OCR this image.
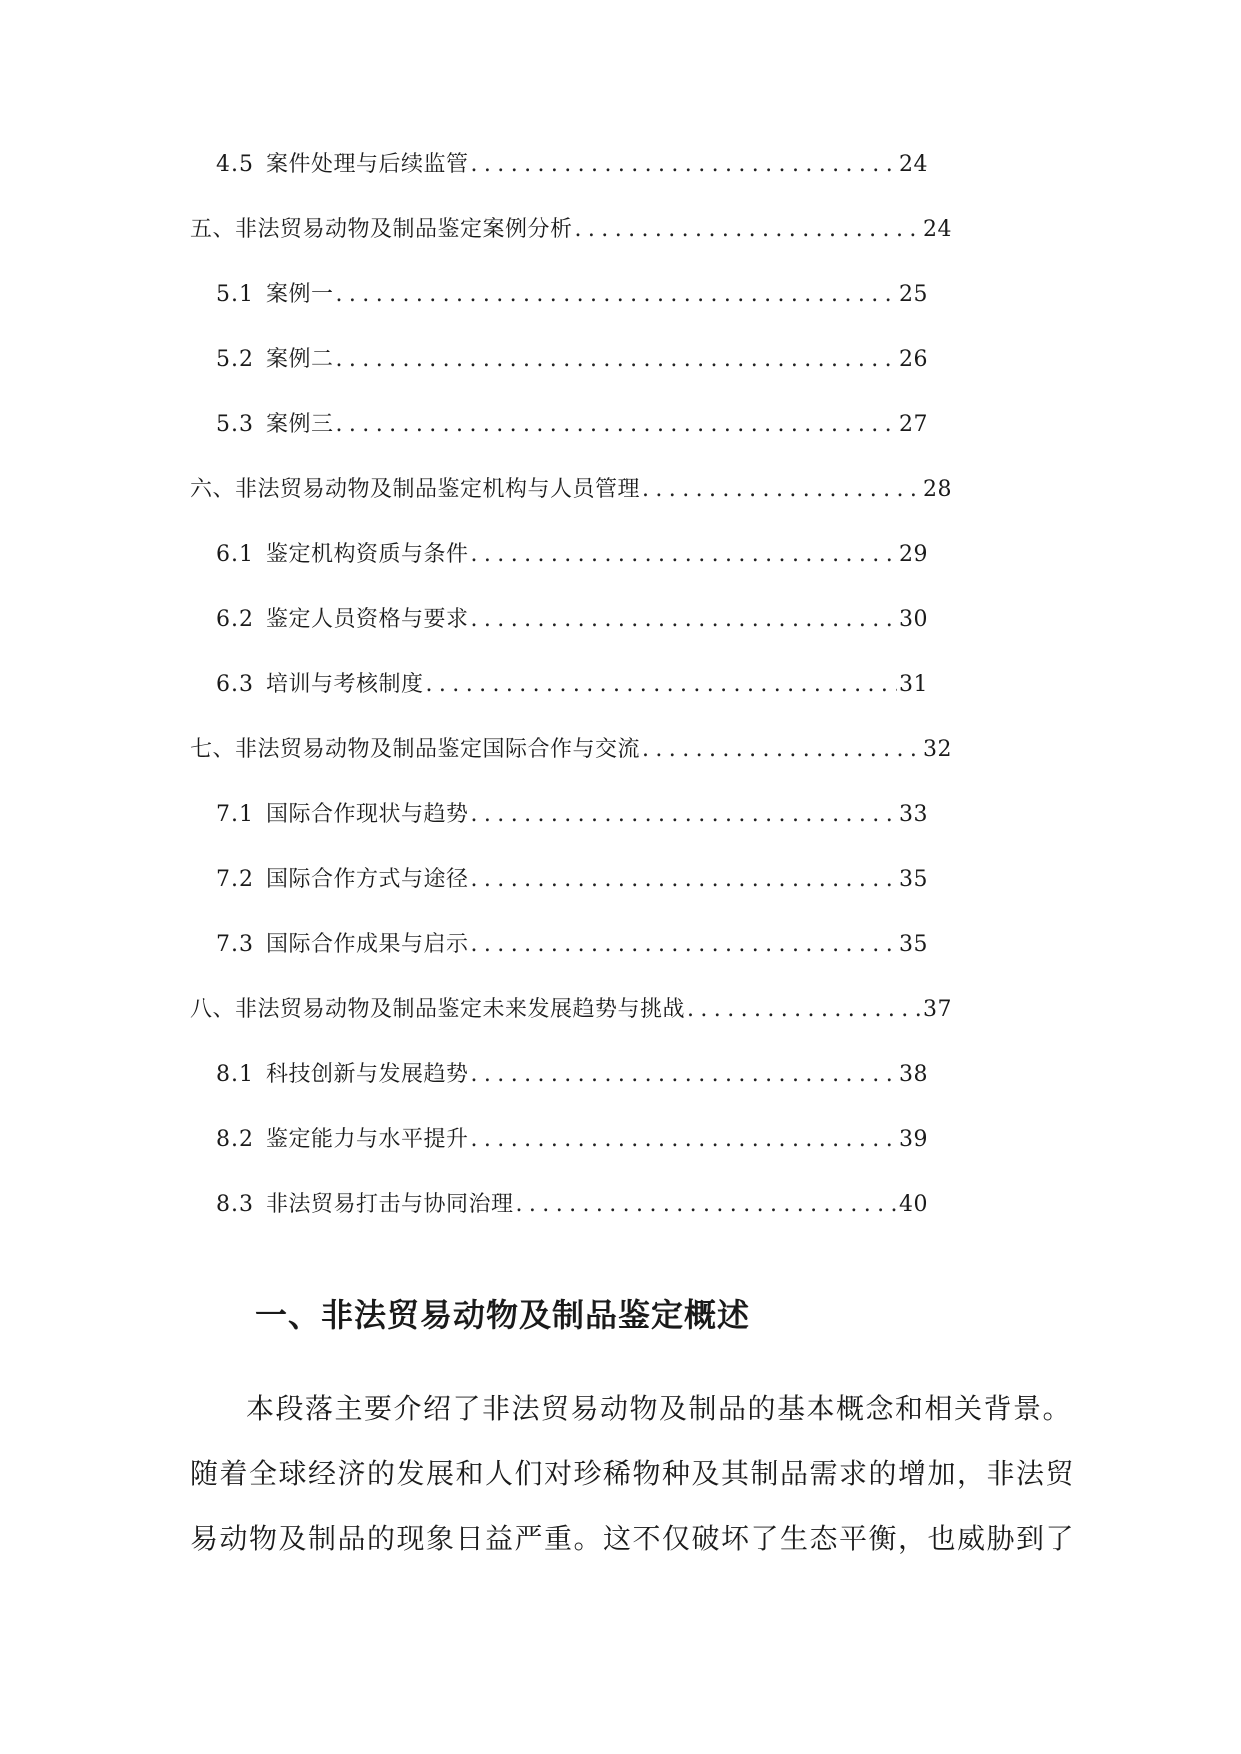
4.5 案件处理与后续监管 .....	24
五、非法贸易动物及制品鉴定案例分析 .....	24
5.1 案例一 .....	25
5.2 案例二 .....	26
5.3 案例三 .....	27
六、非法贸易动物及制品鉴定机构与人员管理 .....	28
6.1 鉴定机构资质与条件 .....	29
6.2 鉴定人员资格与要求 .....	30
6.3 培训与考核制度 .....	31
七、非法贸易动物及制品鉴定国际合作与交流 .....	32
7.1 国际合作现状与趋势 .....	33
7.2 国际合作方式与途径 .....	35
7.3 国际合作成果与启示 .....	35
八、非法贸易动物及制品鉴定未来发展趋势与挑战 .....	37
8.1 科技创新与发展趋势 .....	38
8.2 鉴定能力与水平提升 .....	39
8.3 非法贸易打击与协同治理 .....	40
一、非法贸易动物及制品鉴定概述

本段落主要介绍了非法贸易动物及制品的基本概念和相关背景。
随着全球经济的发展和人们对珍稀物种及其制品需求的增加，非法贸
易动物及制品的现象日益严重。这不仅破坏了生态平衡，也威胁到了
